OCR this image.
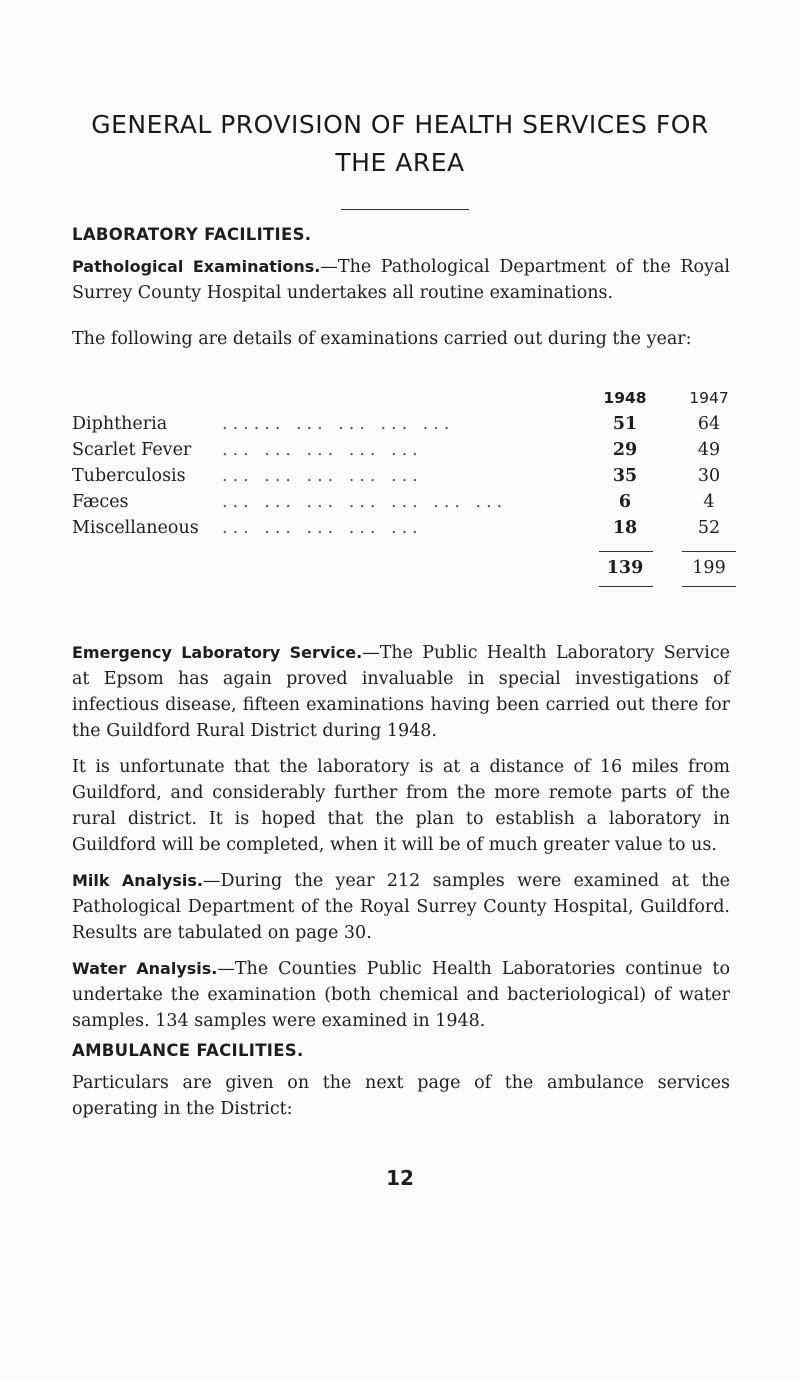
GENERAL PROVISION OF HEALTH SERVICES FOR
THE AREA
LABORATORY FACILITIES.

Pathological Examinations.—The Pathological Department of the Royal Surrey County Hospital undertakes all routine examinations.

The following are details of examinations carried out during the year:

1948	1947
Diphtheria	...... ... ... ... ...	51	64
Scarlet Fever ... ... ... ... ...	29	49
Tuberculosis ... ... ... ... ...	35	30
Fæces	... ... ... ... ... ... ...	6	4
Miscellaneous ... ... ... ... ...	18	52
139	199

Emergency Laboratory Service.—The Public Health Laboratory Service at Epsom has again proved invaluable in special investigations of infectious disease, fifteen examinations having been carried out there for the Guildford Rural District during 1948.

It is unfortunate that the laboratory is at a distance of 16 miles from Guildford, and considerably further from the more remote parts of the rural district. It is hoped that the plan to establish a laboratory in Guildford will be completed, when it will be of much greater value to us.

Milk Analysis.—During the year 212 samples were examined at the Pathological Department of the Royal Surrey County Hospital, Guildford. Results are tabulated on page 30.

Water Analysis.—The Counties Public Health Laboratories continue to undertake the examination (both chemical and bacteriological) of water samples. 134 samples were examined in 1948.

AMBULANCE FACILITIES.

Particulars are given on the next page of the ambulance services operating in the District:

12
